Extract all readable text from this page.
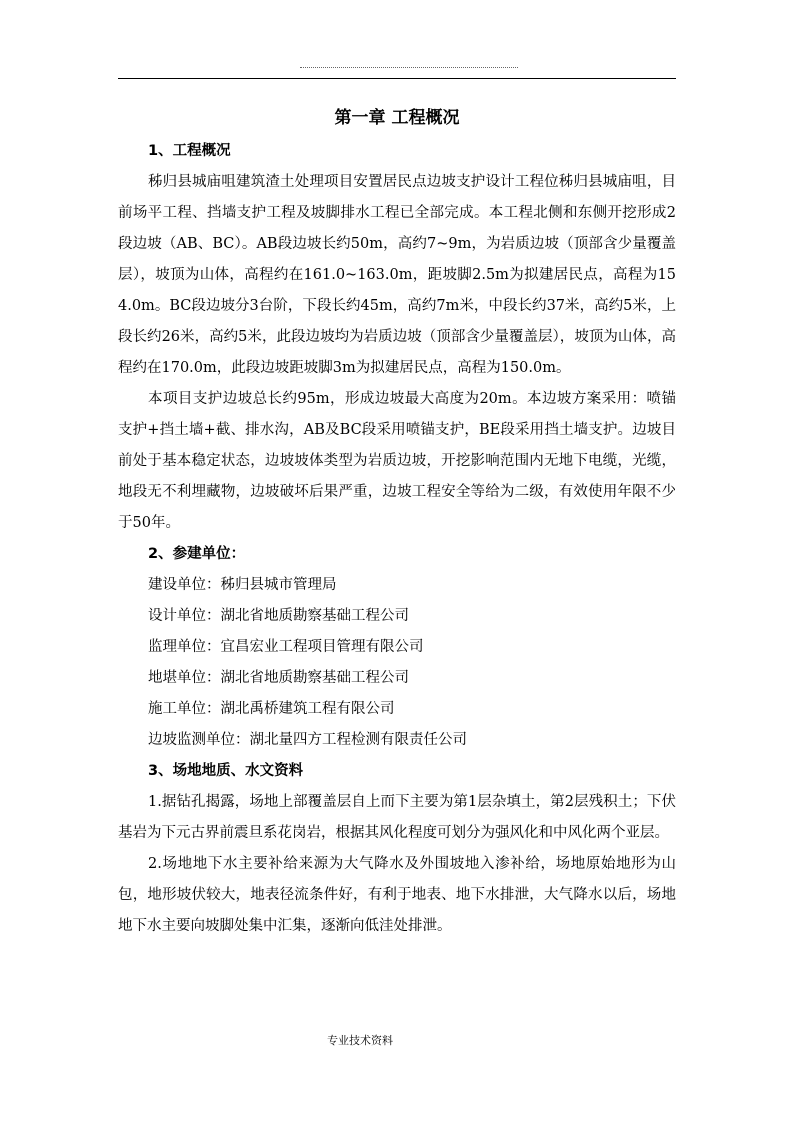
第一章 工程概况
1、工程概况

秭归县城庙咀建筑渣土处理项目安置居民点边坡支护设计工程位秭归县城庙咀，目前场平工程、挡墙支护工程及坡脚排水工程已全部完成。本工程北侧和东侧开挖形成2段边坡（AB、BC）。AB段边坡长约50m，高约7~9m，为岩质边坡（顶部含少量覆盖层），坡顶为山体，高程约在161.0~163.0m，距坡脚2.5m为拟建居民点，高程为154.0m。BC段边坡分3台阶，下段长约45m，高约7m米，中段长约37米，高约5米，上段长约26米，高约5米，此段边坡均为岩质边坡（顶部含少量覆盖层），坡顶为山体，高程约在170.0m，此段边坡距坡脚3m为拟建居民点，高程为150.0m。

本项目支护边坡总长约95m，形成边坡最大高度为20m。本边坡方案采用：喷锚支护+挡土墙+截、排水沟，AB及BC段采用喷锚支护，BE段采用挡土墙支护。边坡目前处于基本稳定状态，边坡坡体类型为岩质边坡，开挖影响范围内无地下电缆，光缆，地段无不利埋藏物，边坡破坏后果严重，边坡工程安全等给为二级，有效使用年限不少于50年。

2、参建单位：

建设单位：秭归县城市管理局

设计单位：湖北省地质勘察基础工程公司

监理单位：宜昌宏业工程项目管理有限公司

地堪单位：湖北省地质勘察基础工程公司

施工单位：湖北禹桥建筑工程有限公司

边坡监测单位：湖北量四方工程检测有限责任公司

3、场地地质、水文资料

1.据钻孔揭露，场地上部覆盖层自上而下主要为第1层杂填土，第2层残积土；下伏基岩为下元古界前震旦系花岗岩，根据其风化程度可划分为强风化和中风化两个亚层。

2.场地地下水主要补给来源为大气降水及外围坡地入渗补给，场地原始地形为山包，地形坡伏较大，地表径流条件好，有利于地表、地下水排泄，大气降水以后，场地地下水主要向坡脚处集中汇集，逐渐向低洼处排泄。

专业技术资料
